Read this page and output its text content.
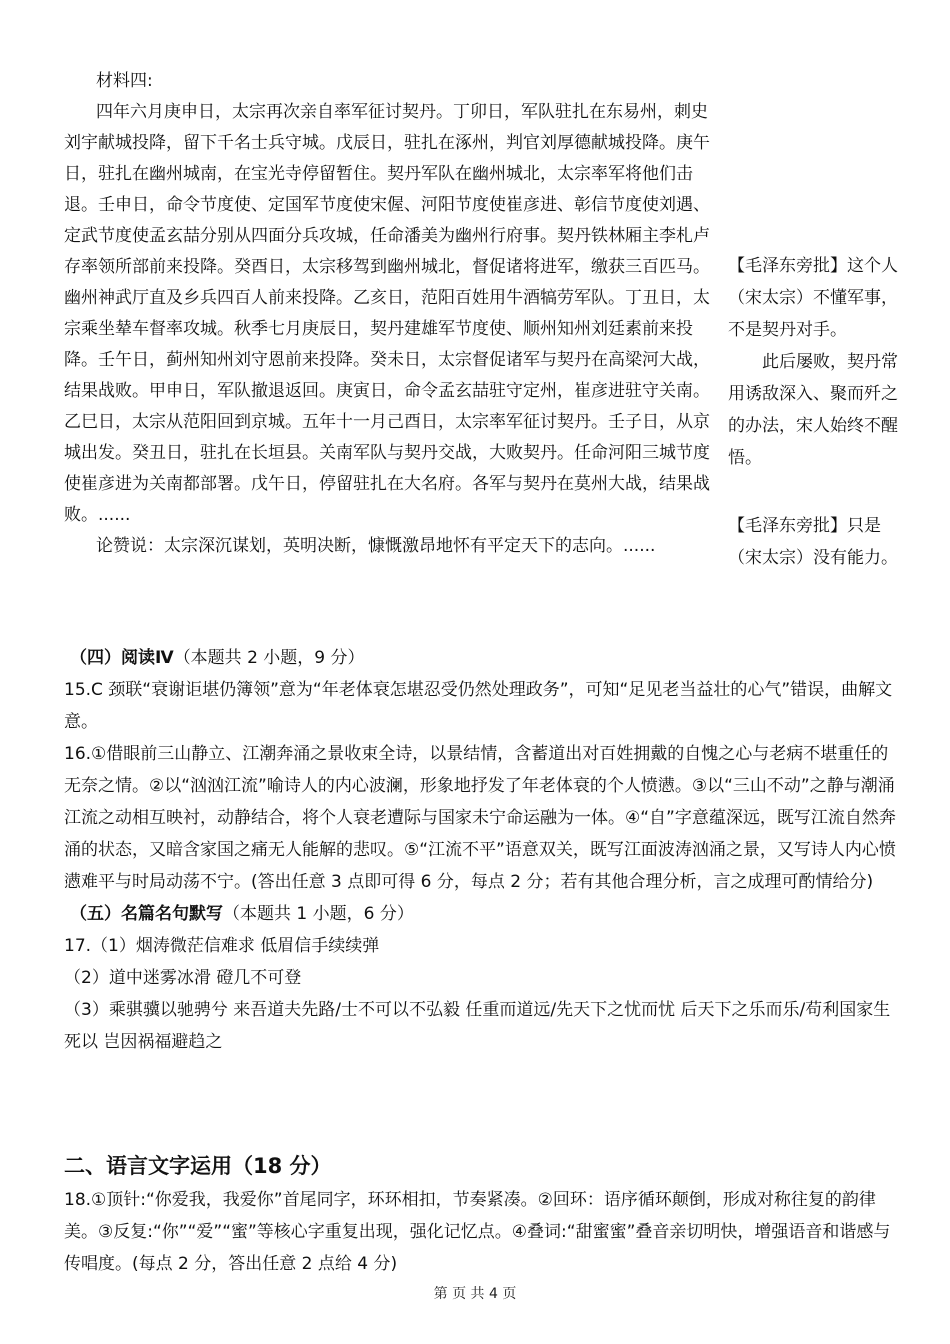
材料四:

四年六月庚申日，太宗再次亲自率军征讨契丹。丁卯日，军队驻扎在东易州，刺史刘宇献城投降，留下千名士兵守城。戊辰日，驻扎在涿州，判官刘厚德献城投降。庚午日，驻扎在幽州城南，在宝光寺停留暂住。契丹军队在幽州城北，太宗率军将他们击退。壬申日，命令节度使、定国军节度使宋偓、河阳节度使崔彦进、彰信节度使刘遇、定武节度使孟玄喆分别从四面分兵攻城，任命潘美为幽州行府事。契丹铁林厢主李札卢存率领所部前来投降。癸酉日，太宗移驾到幽州城北，督促诸将进军，缴获三百匹马。幽州神武厅直及乡兵四百人前来投降。乙亥日，范阳百姓用牛酒犒劳军队。丁丑日，太宗乘坐辇车督率攻城。秋季七月庚辰日，契丹建雄军节度使、顺州知州刘廷素前来投降。壬午日，蓟州知州刘守恩前来投降。癸未日，太宗督促诸军与契丹在高梁河大战，结果战败。甲申日，军队撤退返回。庚寅日，命令孟玄喆驻守定州，崔彦进驻守关南。乙巳日，太宗从范阳回到京城。五年十一月己酉日，太宗率军征讨契丹。壬子日，从京城出发。癸丑日，驻扎在长垣县。关南军队与契丹交战，大败契丹。任命河阳三城节度使崔彦进为关南都部署。戊午日，停留驻扎在大名府。各军与契丹在莫州大战，结果战败。......

论赞说：太宗深沉谋划，英明决断，慷慨激昂地怀有平定天下的志向。......

【毛泽东旁批】这个人（宋太宗）不懂军事，不是契丹对手。

此后屡败，契丹常用诱敌深入、聚而歼之的办法，宋人始终不醒悟。

【毛泽东旁批】只是（宋太宗）没有能力。

（四）阅读Ⅳ（本题共 2 小题，9 分）

15.C 颈联“衰谢讵堪仍簿领”意为“年老体衰怎堪忍受仍然处理政务”，可知“足见老当益壮的心气”错误，曲解文意。

16.①借眼前三山静立、江潮奔涌之景收束全诗，以景结情，含蓄道出对百姓拥戴的自愧之心与老病不堪重任的无奈之情。②以“汹汹江流”喻诗人的内心波澜，形象地抒发了年老体衰的个人愤懑。③以“三山不动”之静与潮涌江流之动相互映衬，动静结合，将个人衰老遭际与国家未宁命运融为一体。④“自”字意蕴深远，既写江流自然奔涌的状态，又暗含家国之痛无人能解的悲叹。⑤“江流不平”语意双关，既写江面波涛汹涌之景，又写诗人内心愤懑难平与时局动荡不宁。(答出任意 3 点即可得 6 分，每点 2 分；若有其他合理分析，言之成理可酌情给分)

（五）名篇名句默写（本题共 1 小题，6 分）

17.（1）烟涛微茫信难求 低眉信手续续弹

（2）道中迷雾冰滑 磴几不可登

（3）乘骐骥以驰骋兮 来吾道夫先路/士不可以不弘毅 任重而道远/先天下之忧而忧 后天下之乐而乐/苟利国家生死以 岂因祸福避趋之

二、语言文字运用（18 分）

18.①顶针:“你爱我，我爱你”首尾同字，环环相扣，节奏紧凑。②回环：语序循环颠倒，形成对称往复的韵律美。③反复:“你”“爱”“蜜”等核心字重复出现，强化记忆点。④叠词:“甜蜜蜜”叠音亲切明快，增强语音和谐感与传唱度。(每点 2 分，答出任意 2 点给 4 分)

第 页 共 4 页
